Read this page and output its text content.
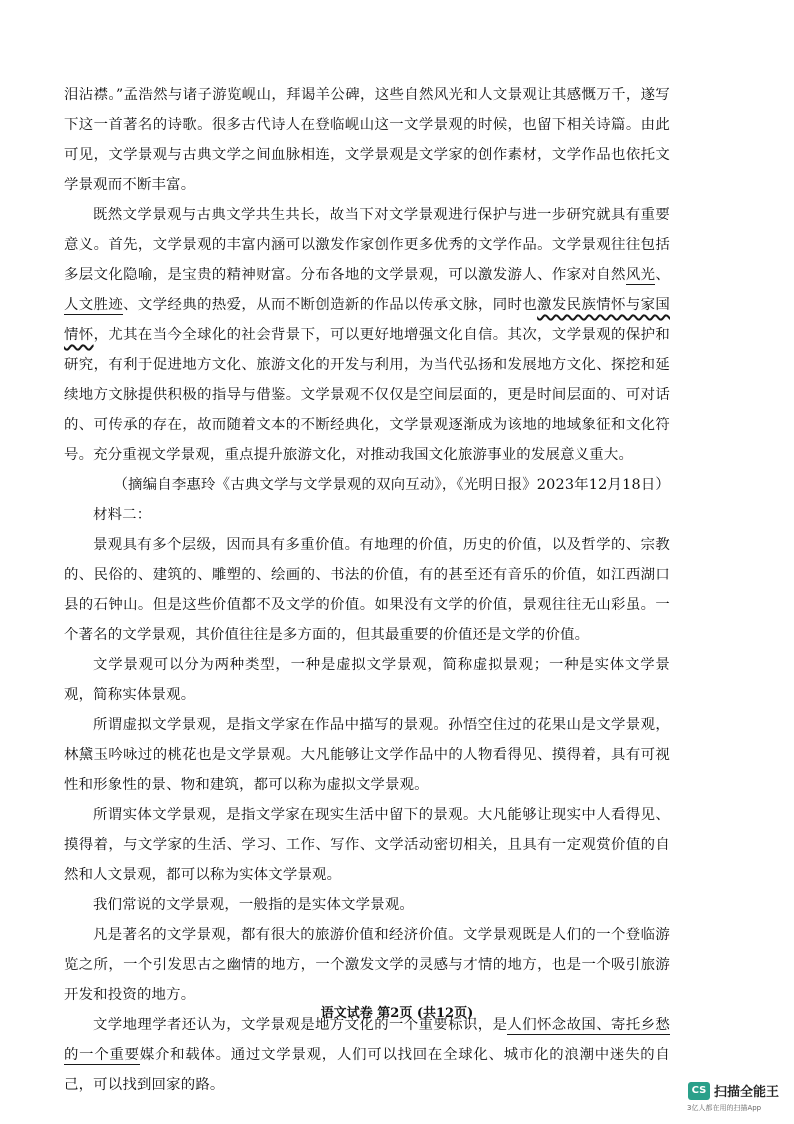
泪沾襟。”孟浩然与诸子游览岘山，拜谒羊公碑，这些自然风光和人文景观让其感慨万千，遂写下这一首著名的诗歌。很多古代诗人在登临岘山这一文学景观的时候，也留下相关诗篇。由此可见，文学景观与古典文学之间血脉相连，文学景观是文学家的创作素材，文学作品也依托文学景观而不断丰富。

既然文学景观与古典文学共生共长，故当下对文学景观进行保护与进一步研究就具有重要意义。首先，文学景观的丰富内涵可以激发作家创作更多优秀的文学作品。文学景观往往包括多层文化隐喻，是宝贵的精神财富。分布各地的文学景观，可以激发游人、作家对自然风光、人文胜迹、文学经典的热爱，从而不断创造新的作品以传承文脉，同时也激发民族情怀与家国情怀，尤其在当今全球化的社会背景下，可以更好地增强文化自信。其次，文学景观的保护和研究，有利于促进地方文化、旅游文化的开发与利用，为当代弘扬和发展地方文化、探挖和延续地方文脉提供积极的指导与借鉴。文学景观不仅仅是空间层面的，更是时间层面的、可对话的、可传承的存在，故而随着文本的不断经典化，文学景观逐渐成为该地的地域象征和文化符号。充分重视文学景观，重点提升旅游文化，对推动我国文化旅游事业的发展意义重大。

（摘编自李惠玲《古典文学与文学景观的双向互动》，《光明日报》2023年12月18日）

材料二：

景观具有多个层级，因而具有多重价值。有地理的价值，历史的价值，以及哲学的、宗教的、民俗的、建筑的、雕塑的、绘画的、书法的价值，有的甚至还有音乐的价值，如江西湖口县的石钟山。但是这些价值都不及文学的价值。如果没有文学的价值，景观往往无山彩虽。一个著名的文学景观，其价值往往是多方面的，但其最重要的价值还是文学的价值。

文学景观可以分为两种类型，一种是虚拟文学景观，简称虚拟景观；一种是实体文学景观，简称实体景观。

所谓虚拟文学景观，是指文学家在作品中描写的景观。孙悟空住过的花果山是文学景观，林黛玉吟咏过的桃花也是文学景观。大凡能够让文学作品中的人物看得见、摸得着，具有可视性和形象性的景、物和建筑，都可以称为虚拟文学景观。

所谓实体文学景观，是指文学家在现实生活中留下的景观。大凡能够让现实中人看得见、摸得着，与文学家的生活、学习、工作、写作、文学活动密切相关，且具有一定观赏价值的自然和人文景观，都可以称为实体文学景观。

我们常说的文学景观，一般指的是实体文学景观。

凡是著名的文学景观，都有很大的旅游价值和经济价值。文学景观既是人们的一个登临游览之所，一个引发思古之幽情的地方，一个激发文学的灵感与才情的地方，也是一个吸引旅游开发和投资的地方。

文学地理学者还认为，文学景观是地方文化的一个重要标识，是人们怀念故国、寄托乡愁的一个重要媒介和载体。通过文学景观，人们可以找回在全球化、城市化的浪潮中迷失的自己，可以找到回家的路。

语文试卷 第2页 (共12页)
CS 扫描全能王
3亿人都在用的扫描App
